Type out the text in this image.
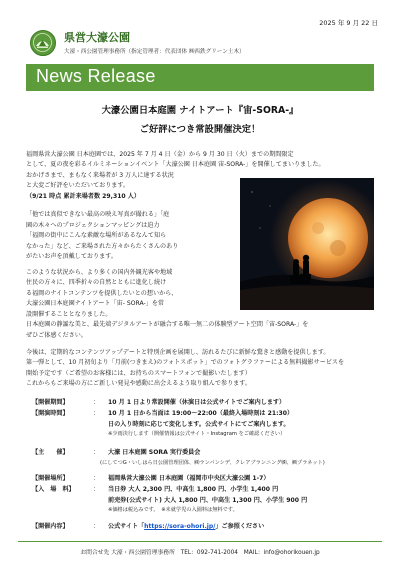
2025 年 9 月 22 日
県営大濠公園
大濠・西公園管理事務所（指定管理者：代表団体 ㈱西鉄グリーン土木）
News Release
大濠公園日本庭園 ナイトアート『宙-SORA-』
ご好評につき常設開催決定！
福岡県営大濠公園 日本庭園では、2025 年 7 月 4 日（金）から 9 月 30 日（火）までの期間限定
として、夏の夜を彩るイルミネーションイベント「大濠公園 日本庭園 宙-SORA-」を開催してまいりました。
おかげさまで、まもなく来場者が 3 万人に達する状況
と大変ご好評をいただいております。
（9/21 時点 累計来場者数 29,310 人）
「他では真似できない最高の映え写真が撮れる」「庭
園の木々へのプロジェクションマッピングは迫力
「福岡の街中にこんな素敵な場所があるなんて知ら
なかった」など、ご来場された方々からたくさんのあり
がたいお声を頂戴しております。
このような状況から、より多くの国内外観光客や地域
住民の方々に、四季折々の自然とともに進化し続け
る福岡のナイトコンテンツを提供したいとの想いから、
大濠公園日本庭園ナイトアート「宙- SORA-」を常
設開催することとなりました。
日本庭園の静謐な美と、最先端デジタルアートが融合する唯一無二の体験型アート空間「宙-SORA-」を
ぜひご体感ください。
今後は、定期的なコンテンツアップデートと特別企画を展開し、訪れるたびに新鮮な驚きと感動を提供します。
第一弾として、10 月初旬より「月前(つきまえ)のフォトスポット」でのフォトグラファーによる無料撮影サービスを
開始予定です（ご希望のお客様には、お持ちのスマートフォンで撮影いたします）
これからもご来場の方にご新しい発見や感動に出会えるよう取り組んで参ります。
【開催期間】	： 10 月 1 日より常設開催（休演日は公式サイトでご案内します）
【開演時間】	： 10 月 1 日から当面は 19:00～22:00（最終入場時刻は 21:30）
日の入り時刻に応じて変化します。公式サイトにてご案内します。
※少雨決行します（開催情報は公式サイト・Instagram をご確認ください）
【主　　催】	： 大濠 日本庭園 SORA 実行委員会
(にしてつG・いしはら日公園管理団体、㈱ランバンシデ、クレアブランニング㈱、㈱プラネット)
【開催場所】	： 福岡県営大濠公園 日本庭園（福岡市中央区大濠公園 1-7）
【入　場　料】	： 当日券 大人 2,300 円、中高生 1,800 円、小学生 1,400 円
前売券(公式サイト) 大人 1,800 円、中高生 1,300 円、小学生 900 円
※価格は税込みです。　※未就学児の入園料は無料です。
【開催内容】	： 公式サイト「https://sora-ohori.jp/」ご参照ください
お問合せ先 大濠・西公園管理事務所　TEL：092-741-2004　MAIL：info@ohorikouen.jp
